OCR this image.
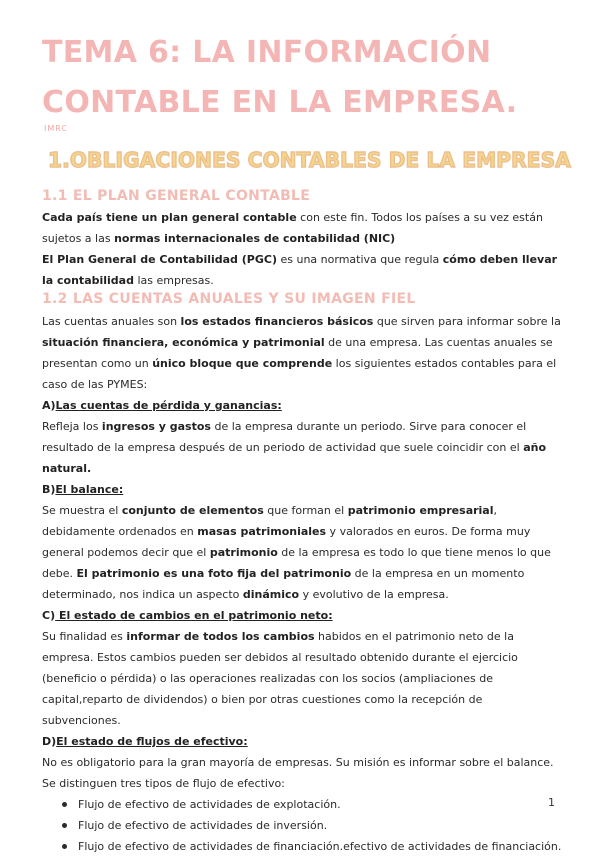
TEMA 6: LA INFORMACIÓN CONTABLE EN LA EMPRESA.
IMRC
1.OBLIGACIONES CONTABLES DE LA EMPRESA
1.1 EL PLAN GENERAL CONTABLE

Cada país tiene un plan general contable con este fin. Todos los países a su vez están sujetos a las normas internacionales de contabilidad (NIC)

El Plan General de Contabilidad (PGC) es una normativa que regula cómo deben llevar la contabilidad las empresas.

1.2 LAS CUENTAS ANUALES Y SU IMAGEN FIEL

Las cuentas anuales son los estados financieros básicos que sirven para informar sobre la situación financiera, económica y patrimonial de una empresa. Las cuentas anuales se presentan como un único bloque que comprende los siguientes estados contables para el caso de las PYMES:

A)Las cuentas de pérdida y ganancias:

Refleja los ingresos y gastos de la empresa durante un periodo. Sirve para conocer el resultado de la empresa después de un periodo de actividad que suele coincidir con el año natural.

B)El balance:

Se muestra el conjunto de elementos que forman el patrimonio empresarial, debidamente ordenados en masas patrimoniales y valorados en euros. De forma muy general podemos decir que el patrimonio de la empresa es todo lo que tiene menos lo que debe. El patrimonio es una foto fija del patrimonio de la empresa en un momento determinado, nos indica un aspecto dinámico y evolutivo de la empresa.

C) El estado de cambios en el patrimonio neto:

Su finalidad es informar de todos los cambios habidos en el patrimonio neto de la empresa. Estos cambios pueden ser debidos al resultado obtenido durante el ejercicio (beneficio o pérdida) o las operaciones realizadas con los socios (ampliaciones de capital,reparto de dividendos) o bien por otras cuestiones como la recepción de subvenciones.

D)El estado de flujos de efectivo:

No es obligatorio para la gran mayoría de empresas. Su misión es informar sobre el balance.

Se distinguen tres tipos de flujo de efectivo:

Flujo de efectivo de actividades de explotación.
Flujo de efectivo de actividades de inversión.
Flujo de efectivo de actividades de financiación.efectivo de actividades de financiación.
1
